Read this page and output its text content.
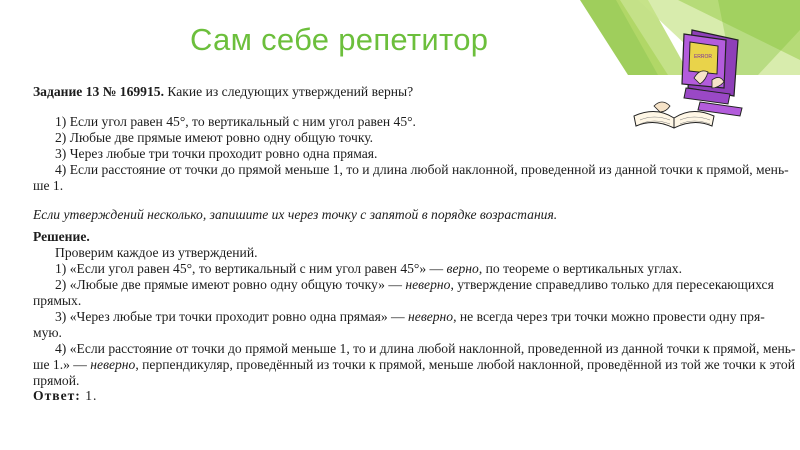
Сам себе репетитор	ERROR

Задание 13 № 169915. Какие из следующих утверждений верны?

1) Если угол равен 45°, то вертикальный с ним угол равен 45°.

2) Любые две прямые имеют ровно одну общую точку.

3) Через любые три точки проходит ровно одна прямая.

4) Если расстояние от точки до прямой меньше 1, то и длина любой наклонной, проведенной из данной точки к прямой, мень-

ше 1.

Если утверждений несколько, запишите их через точку с запятой в порядке возрастания.

Решение.

Проверим каждое из утверждений.

1) «Если угол равен 45°, то вертикальный с ним угол равен 45°» — верно, по теореме о вертикальных углах.

2) «Любые две прямые имеют ровно одну общую точку» — неверно, утверждение справедливо только для пересекающихся

прямых.

3) «Через любые три точки проходит ровно одна прямая» — неверно, не всегда через три точки можно провести одну пря-

мую.

4) «Если расстояние от точки до прямой меньше 1, то и длина любой наклонной, проведенной из данной точки к прямой, мень-

ше 1.» — неверно, перпендикуляр, проведённый из точки к прямой, меньше любой наклонной, проведённой из той же точки к этой

прямой.

Ответ: 1.
